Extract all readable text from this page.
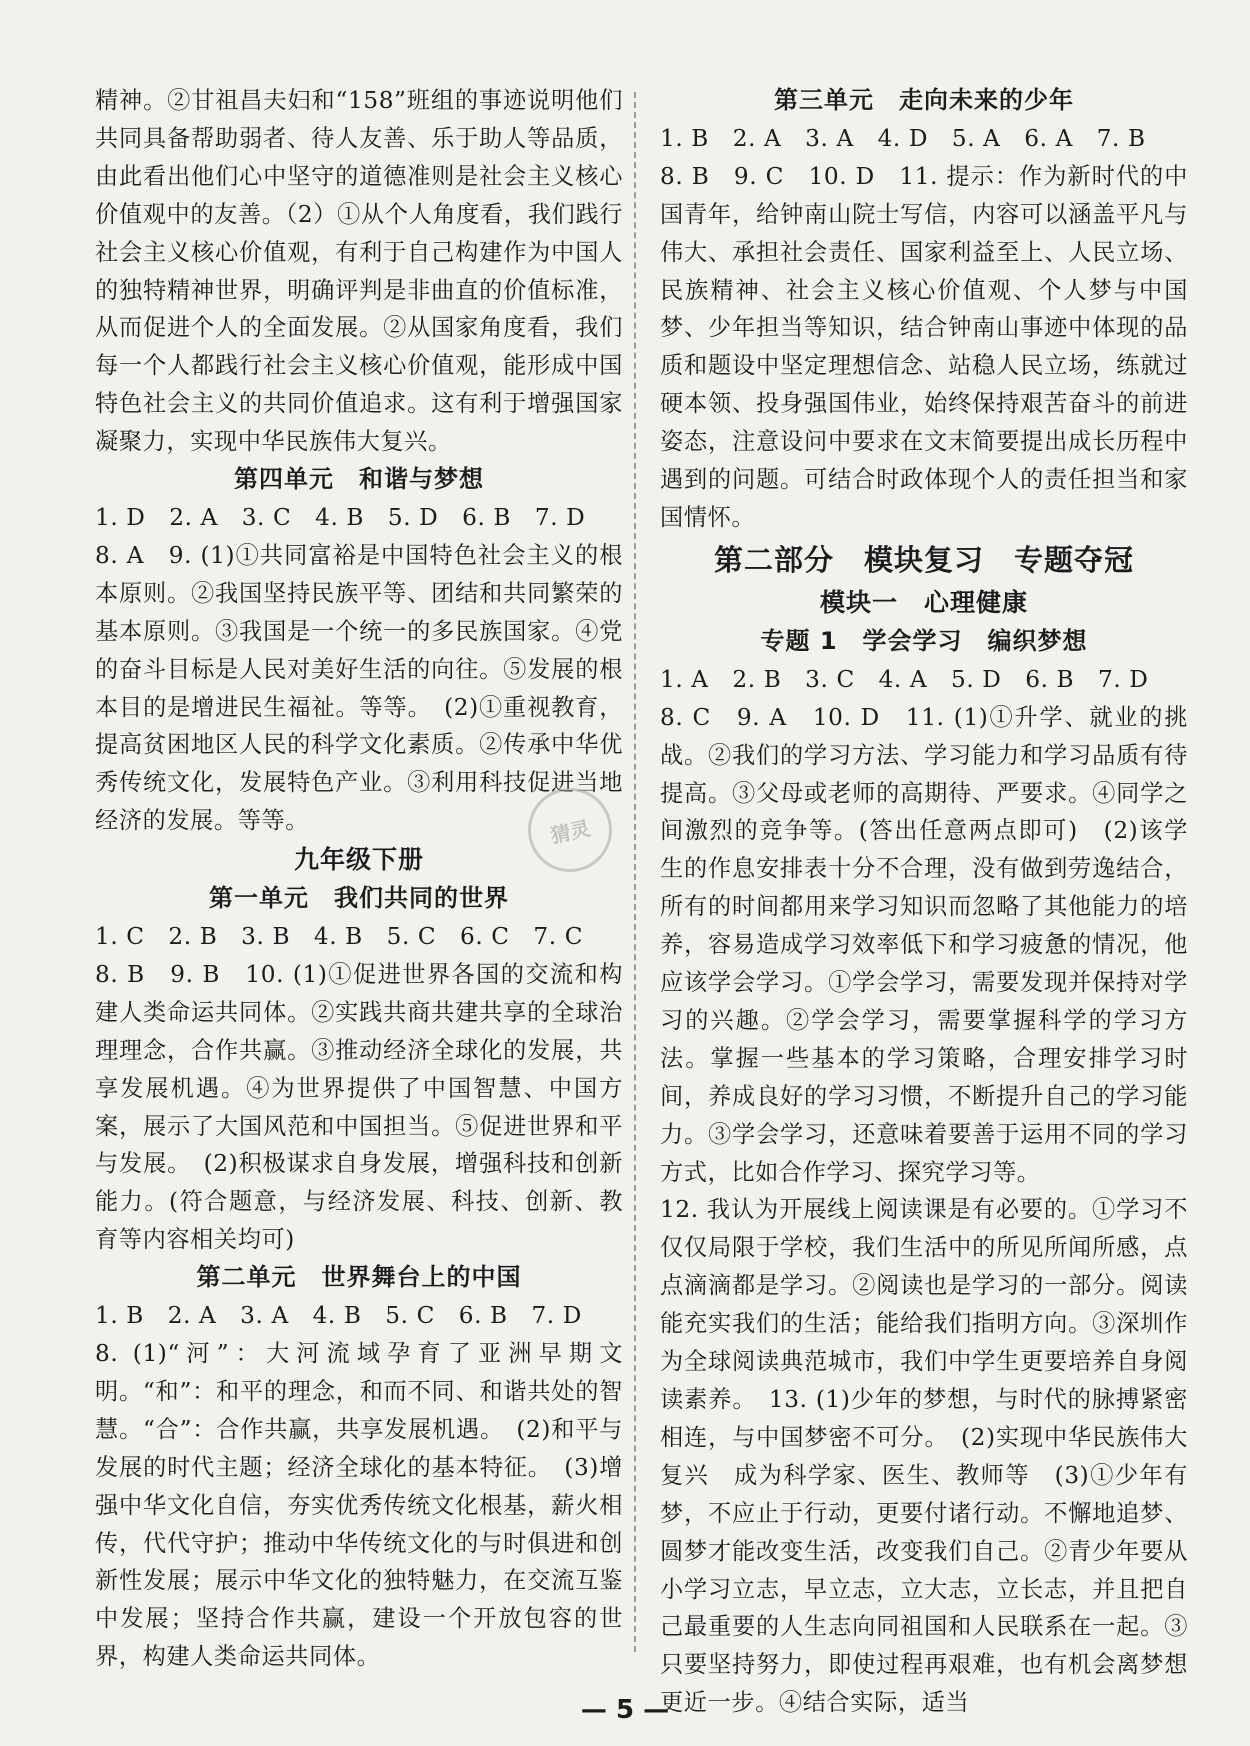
精神。②甘祖昌夫妇和“158”班组的事迹说明他们共同具备帮助弱者、待人友善、乐于助人等品质，由此看出他们心中坚守的道德准则是社会主义核心价值观中的友善。（2）①从个人角度看，我们践行社会主义核心价值观，有利于自己构建作为中国人的独特精神世界，明确评判是非曲直的价值标准，从而促进个人的全面发展。②从国家角度看，我们每一个人都践行社会主义核心价值观，能形成中国特色社会主义的共同价值追求。这有利于增强国家凝聚力，实现中华民族伟大复兴。

第四单元　和谐与梦想

1. D　2. A　3. C　4. B　5. D　6. B　7. D

8. A　9. (1)①共同富裕是中国特色社会主义的根本原则。②我国坚持民族平等、团结和共同繁荣的基本原则。③我国是一个统一的多民族国家。④党的奋斗目标是人民对美好生活的向往。⑤发展的根本目的是增进民生福祉。等等。　(2)①重视教育，提高贫困地区人民的科学文化素质。②传承中华优秀传统文化，发展特色产业。③利用科技促进当地经济的发展。等等。

九年级下册

第一单元　我们共同的世界

1. C　2. B　3. B　4. B　5. C　6. C　7. C

8. B　9. B　10. (1)①促进世界各国的交流和构建人类命运共同体。②实践共商共建共享的全球治理理念，合作共赢。③推动经济全球化的发展，共享发展机遇。④为世界提供了中国智慧、中国方案，展示了大国风范和中国担当。⑤促进世界和平与发展。　(2)积极谋求自身发展，增强科技和创新能力。(符合题意，与经济发展、科技、创新、教育等内容相关均可)

第二单元　世界舞台上的中国

1. B　2. A　3. A　4. B　5. C　6. B　7. D

8. (1)“河”：大河流域孕育了亚洲早期文明。“和”：和平的理念，和而不同、和谐共处的智慧。“合”：合作共赢，共享发展机遇。　(2)和平与发展的时代主题；经济全球化的基本特征。　(3)增强中华文化自信，夯实优秀传统文化根基，薪火相传，代代守护；推动中华传统文化的与时俱进和创新性发展；展示中华文化的独特魅力，在交流互鉴中发展；坚持合作共赢，建设一个开放包容的世界，构建人类命运共同体。

第三单元　走向未来的少年

1. B　2. A　3. A　4. D　5. A　6. A　7. B

8. B　9. C　10. D　11. 提示：作为新时代的中国青年，给钟南山院士写信，内容可以涵盖平凡与伟大、承担社会责任、国家利益至上、人民立场、民族精神、社会主义核心价值观、个人梦与中国梦、少年担当等知识，结合钟南山事迹中体现的品质和题设中坚定理想信念、站稳人民立场，练就过硬本领、投身强国伟业，始终保持艰苦奋斗的前进姿态，注意设问中要求在文末简要提出成长历程中遇到的问题。可结合时政体现个人的责任担当和家国情怀。

第二部分　模块复习　专题夺冠

模块一　心理健康

专题 1　学会学习　编织梦想

1. A　2. B　3. C　4. A　5. D　6. B　7. D

8. C　9. A　10. D　11. (1)①升学、就业的挑战。②我们的学习方法、学习能力和学习品质有待提高。③父母或老师的高期待、严要求。④同学之间激烈的竞争等。(答出任意两点即可)　(2)该学生的作息安排表十分不合理，没有做到劳逸结合，所有的时间都用来学习知识而忽略了其他能力的培养，容易造成学习效率低下和学习疲惫的情况，他应该学会学习。①学会学习，需要发现并保持对学习的兴趣。②学会学习，需要掌握科学的学习方法。掌握一些基本的学习策略，合理安排学习时间，养成良好的学习习惯，不断提升自己的学习能力。③学会学习，还意味着要善于运用不同的学习方式，比如合作学习、探究学习等。

12. 我认为开展线上阅读课是有必要的。①学习不仅仅局限于学校，我们生活中的所见所闻所感，点点滴滴都是学习。②阅读也是学习的一部分。阅读能充实我们的生活；能给我们指明方向。③深圳作为全球阅读典范城市，我们中学生更要培养自身阅读素养。　13. (1)少年的梦想，与时代的脉搏紧密相连，与中国梦密不可分。　(2)实现中华民族伟大复兴　成为科学家、医生、教师等　(3)①少年有梦，不应止于行动，更要付诸行动。不懈地追梦、圆梦才能改变生活，改变我们自己。②青少年要从小学习立志，早立志，立大志，立长志，并且把自己最重要的人生志向同祖国和人民联系在一起。③只要坚持努力，即使过程再艰难，也有机会离梦想更近一步。④结合实际，适当

猜灵
— 5 —
